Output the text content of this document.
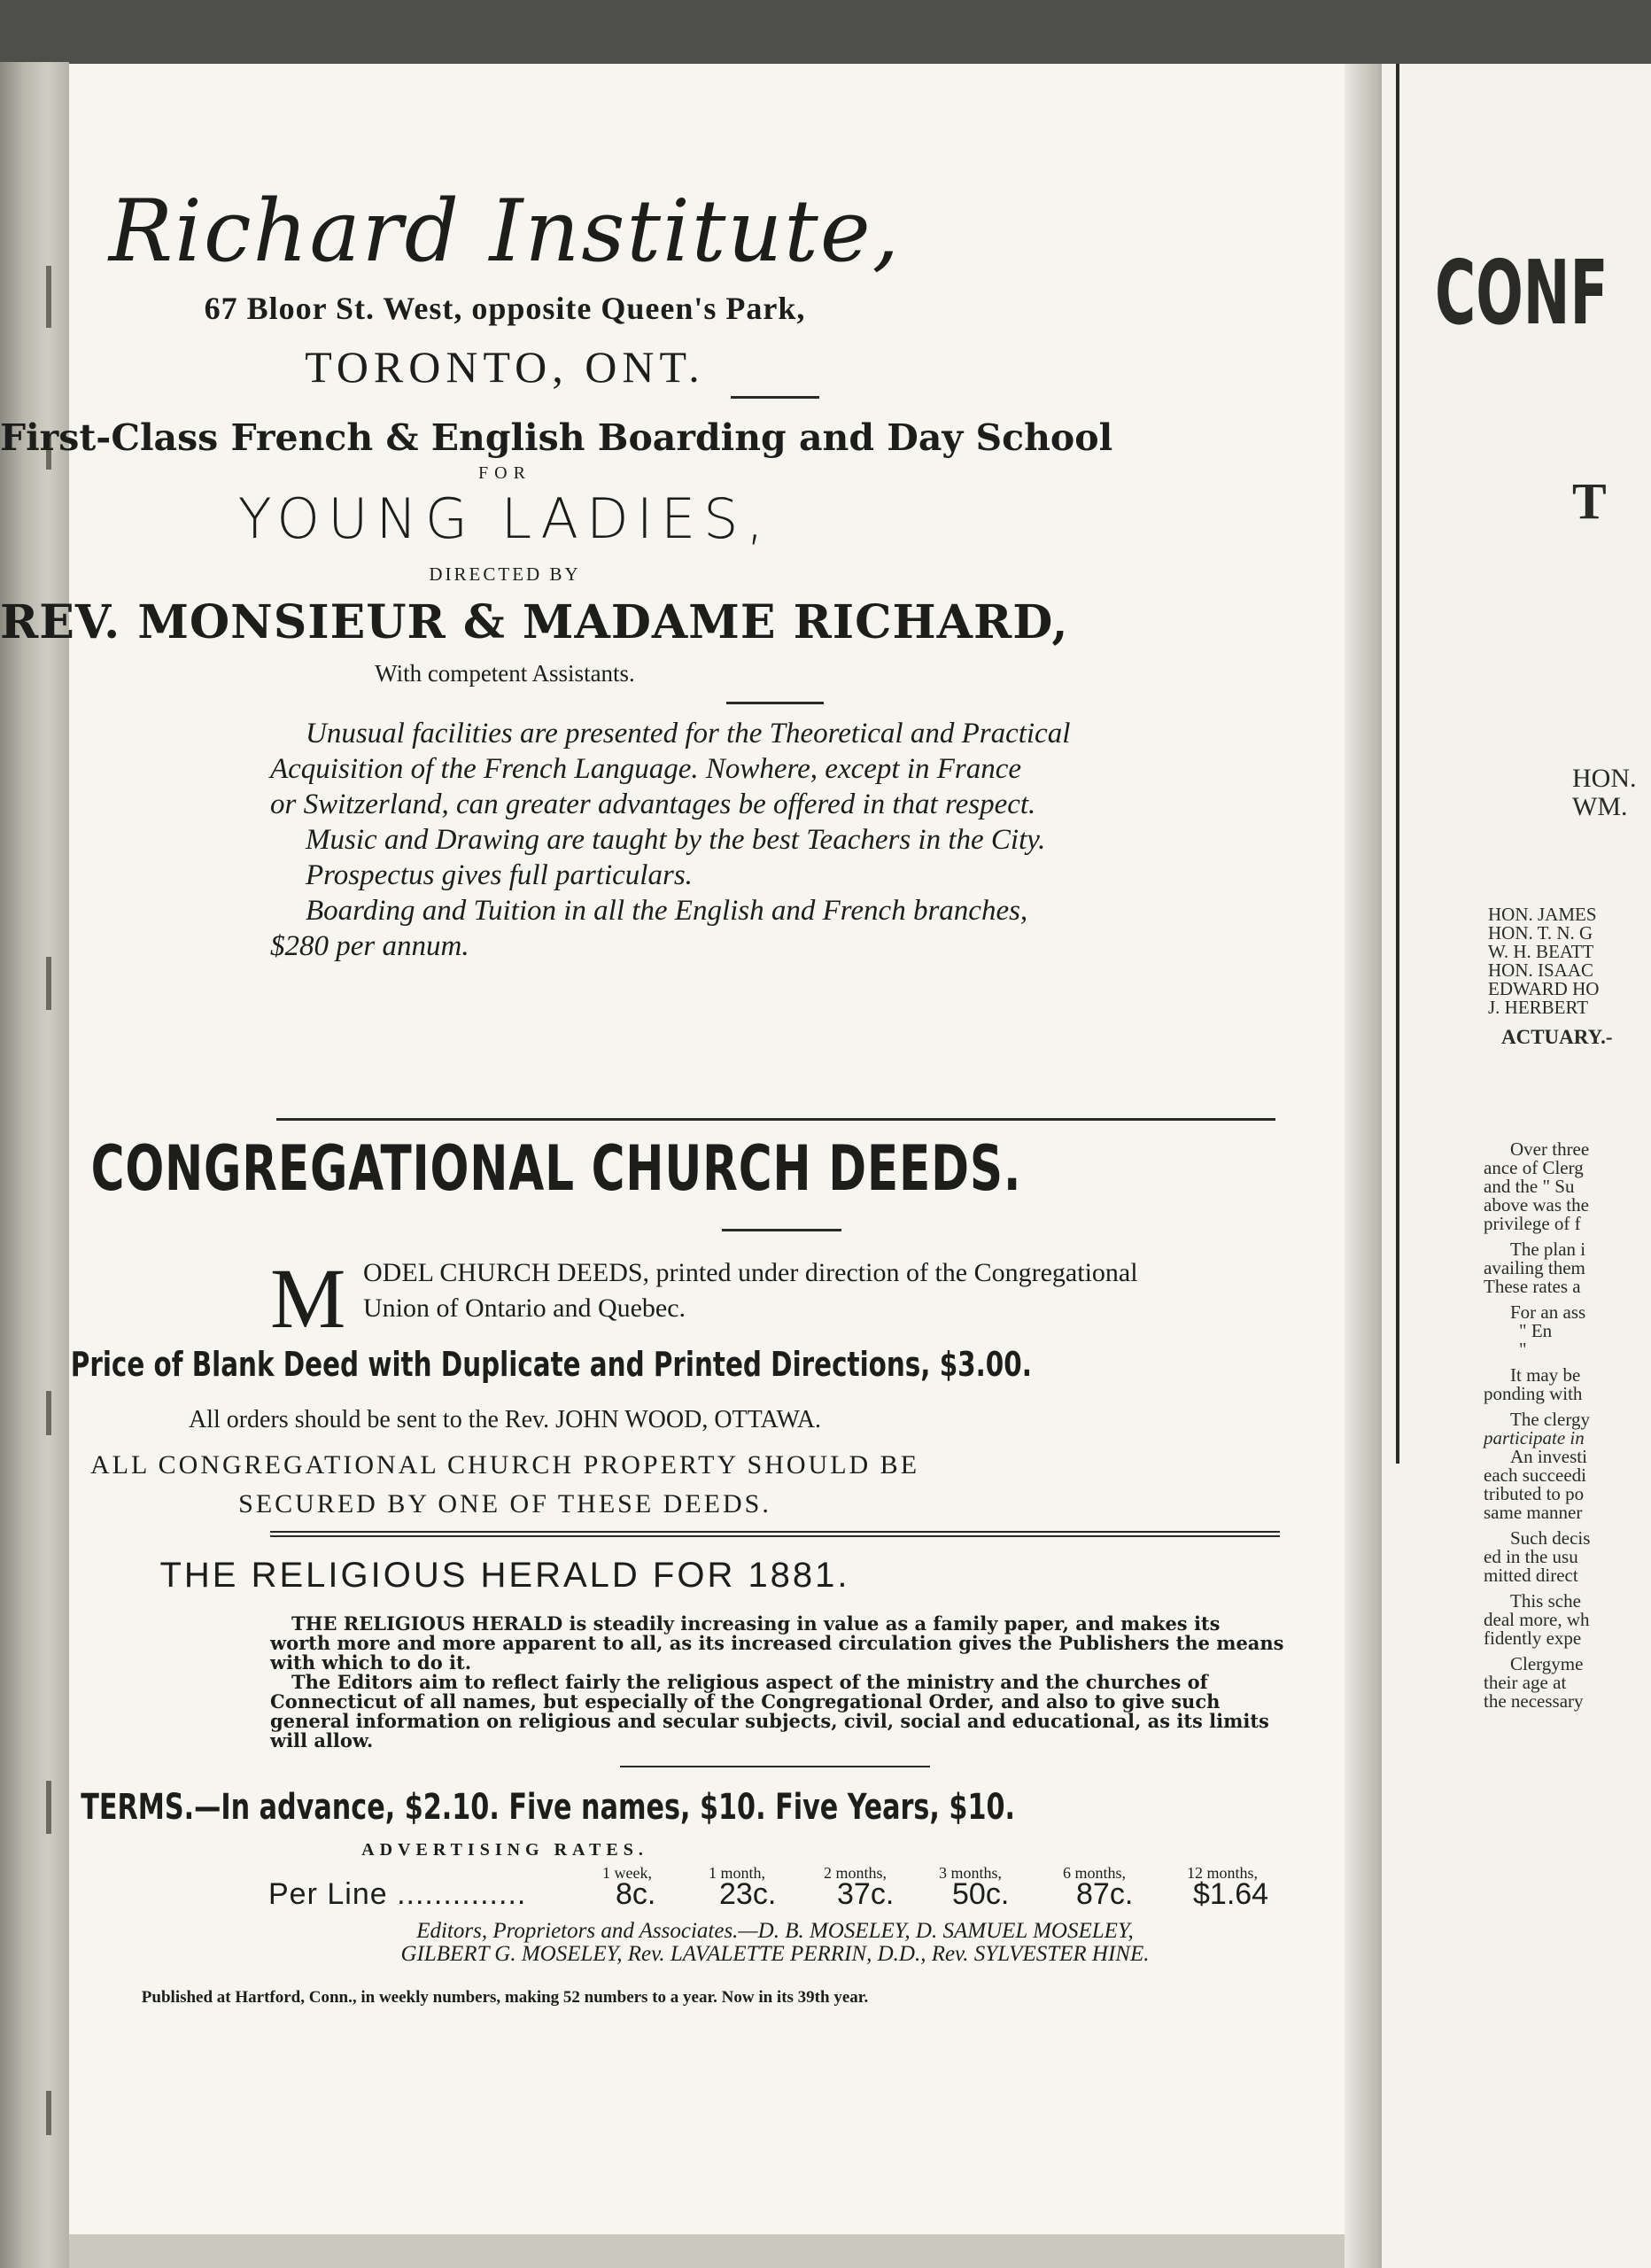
Richard Institute,
67 Bloor St. West, opposite Queen's Park,
TORONTO, ONT.
First-Class French & English Boarding and Day School
FOR
YOUNG LADIES,
DIRECTED BY
REV. MONSIEUR & MADAME RICHARD,
With competent Assistants.
Unusual facilities are presented for the Theoretical and Practical
Acquisition of the French Language. Nowhere, except in France
or Switzerland, can greater advantages be offered in that respect.
Music and Drawing are taught by the best Teachers in the City.
Prospectus gives full particulars.
Boarding and Tuition in all the English and French branches,
$280 per annum.
CONGREGATIONAL CHURCH DEEDS.
M ODEL CHURCH DEEDS, printed under direction of the Congregational
Union of Ontario and Quebec.
Price of Blank Deed with Duplicate and Printed Directions, $3.00.
All orders should be sent to the Rev. JOHN WOOD, OTTAWA.
ALL CONGREGATIONAL CHURCH PROPERTY SHOULD BE
SECURED BY ONE OF THESE DEEDS.
THE RELIGIOUS HERALD FOR 1881.
THE RELIGIOUS HERALD is steadily increasing in value as a family paper, and makes its
worth more and more apparent to all, as its increased circulation gives the Publishers the means
with which to do it.
The Editors aim to reflect fairly the religious aspect of the ministry and the churches of
Connecticut of all names, but especially of the Congregational Order, and also to give such
general information on religious and secular subjects, civil, social and educational, as its limits
will allow.
TERMS.—In advance, $2.10. Five names, $10. Five Years, $10.
ADVERTISING RATES.
1 week,	1 month,	2 months,	3 months,	6 months,	12 months,
Per Line ..............	8c. 23c. 37c. 50c. 87c. $1.64
Editors, Proprietors and Associates.—D. B. MOSELEY, D. SAMUEL MOSELEY,
GILBERT G. MOSELEY, Rev. LAVALETTE PERRIN, D.D., Rev. SYLVESTER HINE.
Published at Hartford, Conn., in weekly numbers, making 52 numbers to a year. Now in its 39th year.
CONF
T
HON.
WM.
HON. JAMES
HON. T. N. G
W. H. BEATT
HON. ISAAC
EDWARD HO
J. HERBERT
ACTUARY.-
Over three
ance of Clerg
and the " Su
above was the
privilege of f
The plan i
availing them
These rates a
For an ass
" En
"
It may be
ponding with
The clergy
participate in
An investi
each succeedi
tributed to po
same manner
Such decis
ed in the usu
mitted direct
This sche
deal more, wh
fidently expe
Clergyme
their age at
the necessary
